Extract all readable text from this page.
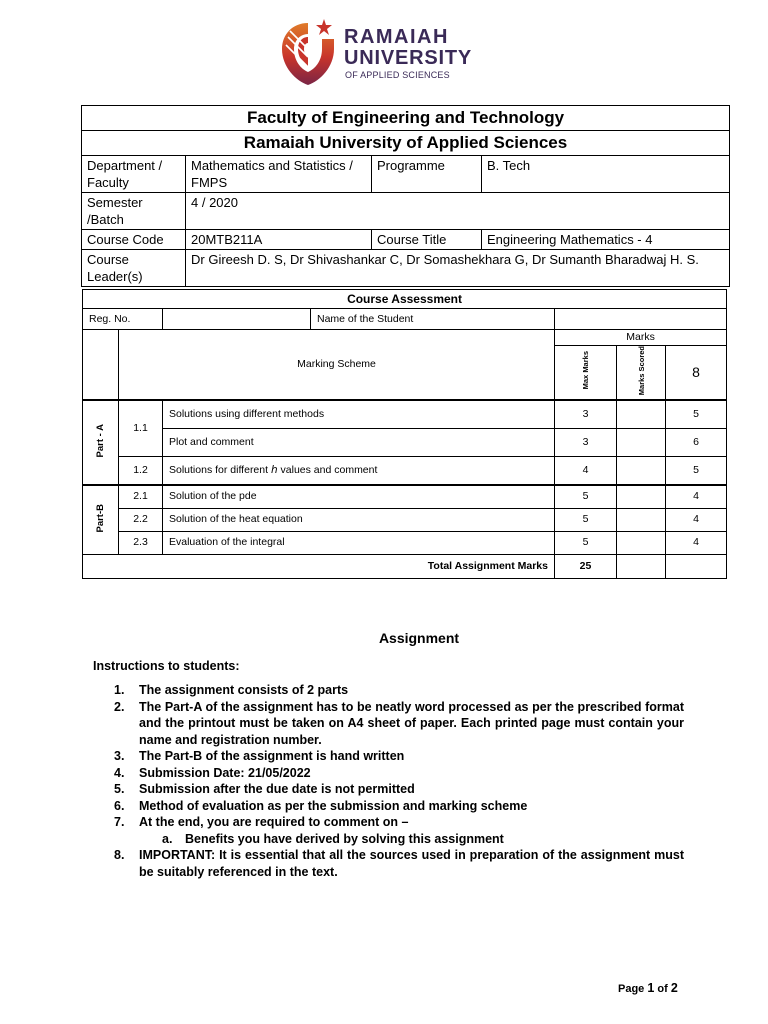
RAMAIAH
UNIVERSITY
OF APPLIED SCIENCES
Faculty of Engineering and Technology			
Ramaiah University of Applied Sciences			
Department / Faculty	Mathematics and Statistics / FMPS	Programme	B. Tech
Semester /Batch	4 / 2020		
Course Code	20MTB211A	Course Title	Engineering Mathematics - 4
Course Leader(s)	Dr Gireesh D. S, Dr Shivashankar C, Dr Somashekhara G, Dr Sumanth Bharadwaj H. S.		
Course Assessment						
Reg. No.			Name of the Student			
	Marking Scheme			Marks		
				Max Marks	Marks Scored	8
Part - A	1.1	Solutions using different methods		3		5
		Plot and comment		3		6
	1.2	Solutions for different ℎ values and comment		4		5
Part-B	2.1	Solution of the pde		5		4
	2.2	Solution of the heat equation		5		4
	2.3	Evaluation of the integral		5		4
Total Assignment Marks				25		
Assignment
Instructions to students:
1. The assignment consists of 2 parts
2. The Part-A of the assignment has to be neatly word processed as per the prescribed format and the printout must be taken on A4 sheet of paper. Each printed page must contain your name and registration number.
3. The Part-B of the assignment is hand written
4. Submission Date: 21/05/2022
5. Submission after the due date is not permitted
6. Method of evaluation as per the submission and marking scheme
7. At the end, you are required to comment on –
a. Benefits you have derived by solving this assignment
8. IMPORTANT: It is essential that all the sources used in preparation of the assignment must be suitably referenced in the text.
Page 1 of 2
